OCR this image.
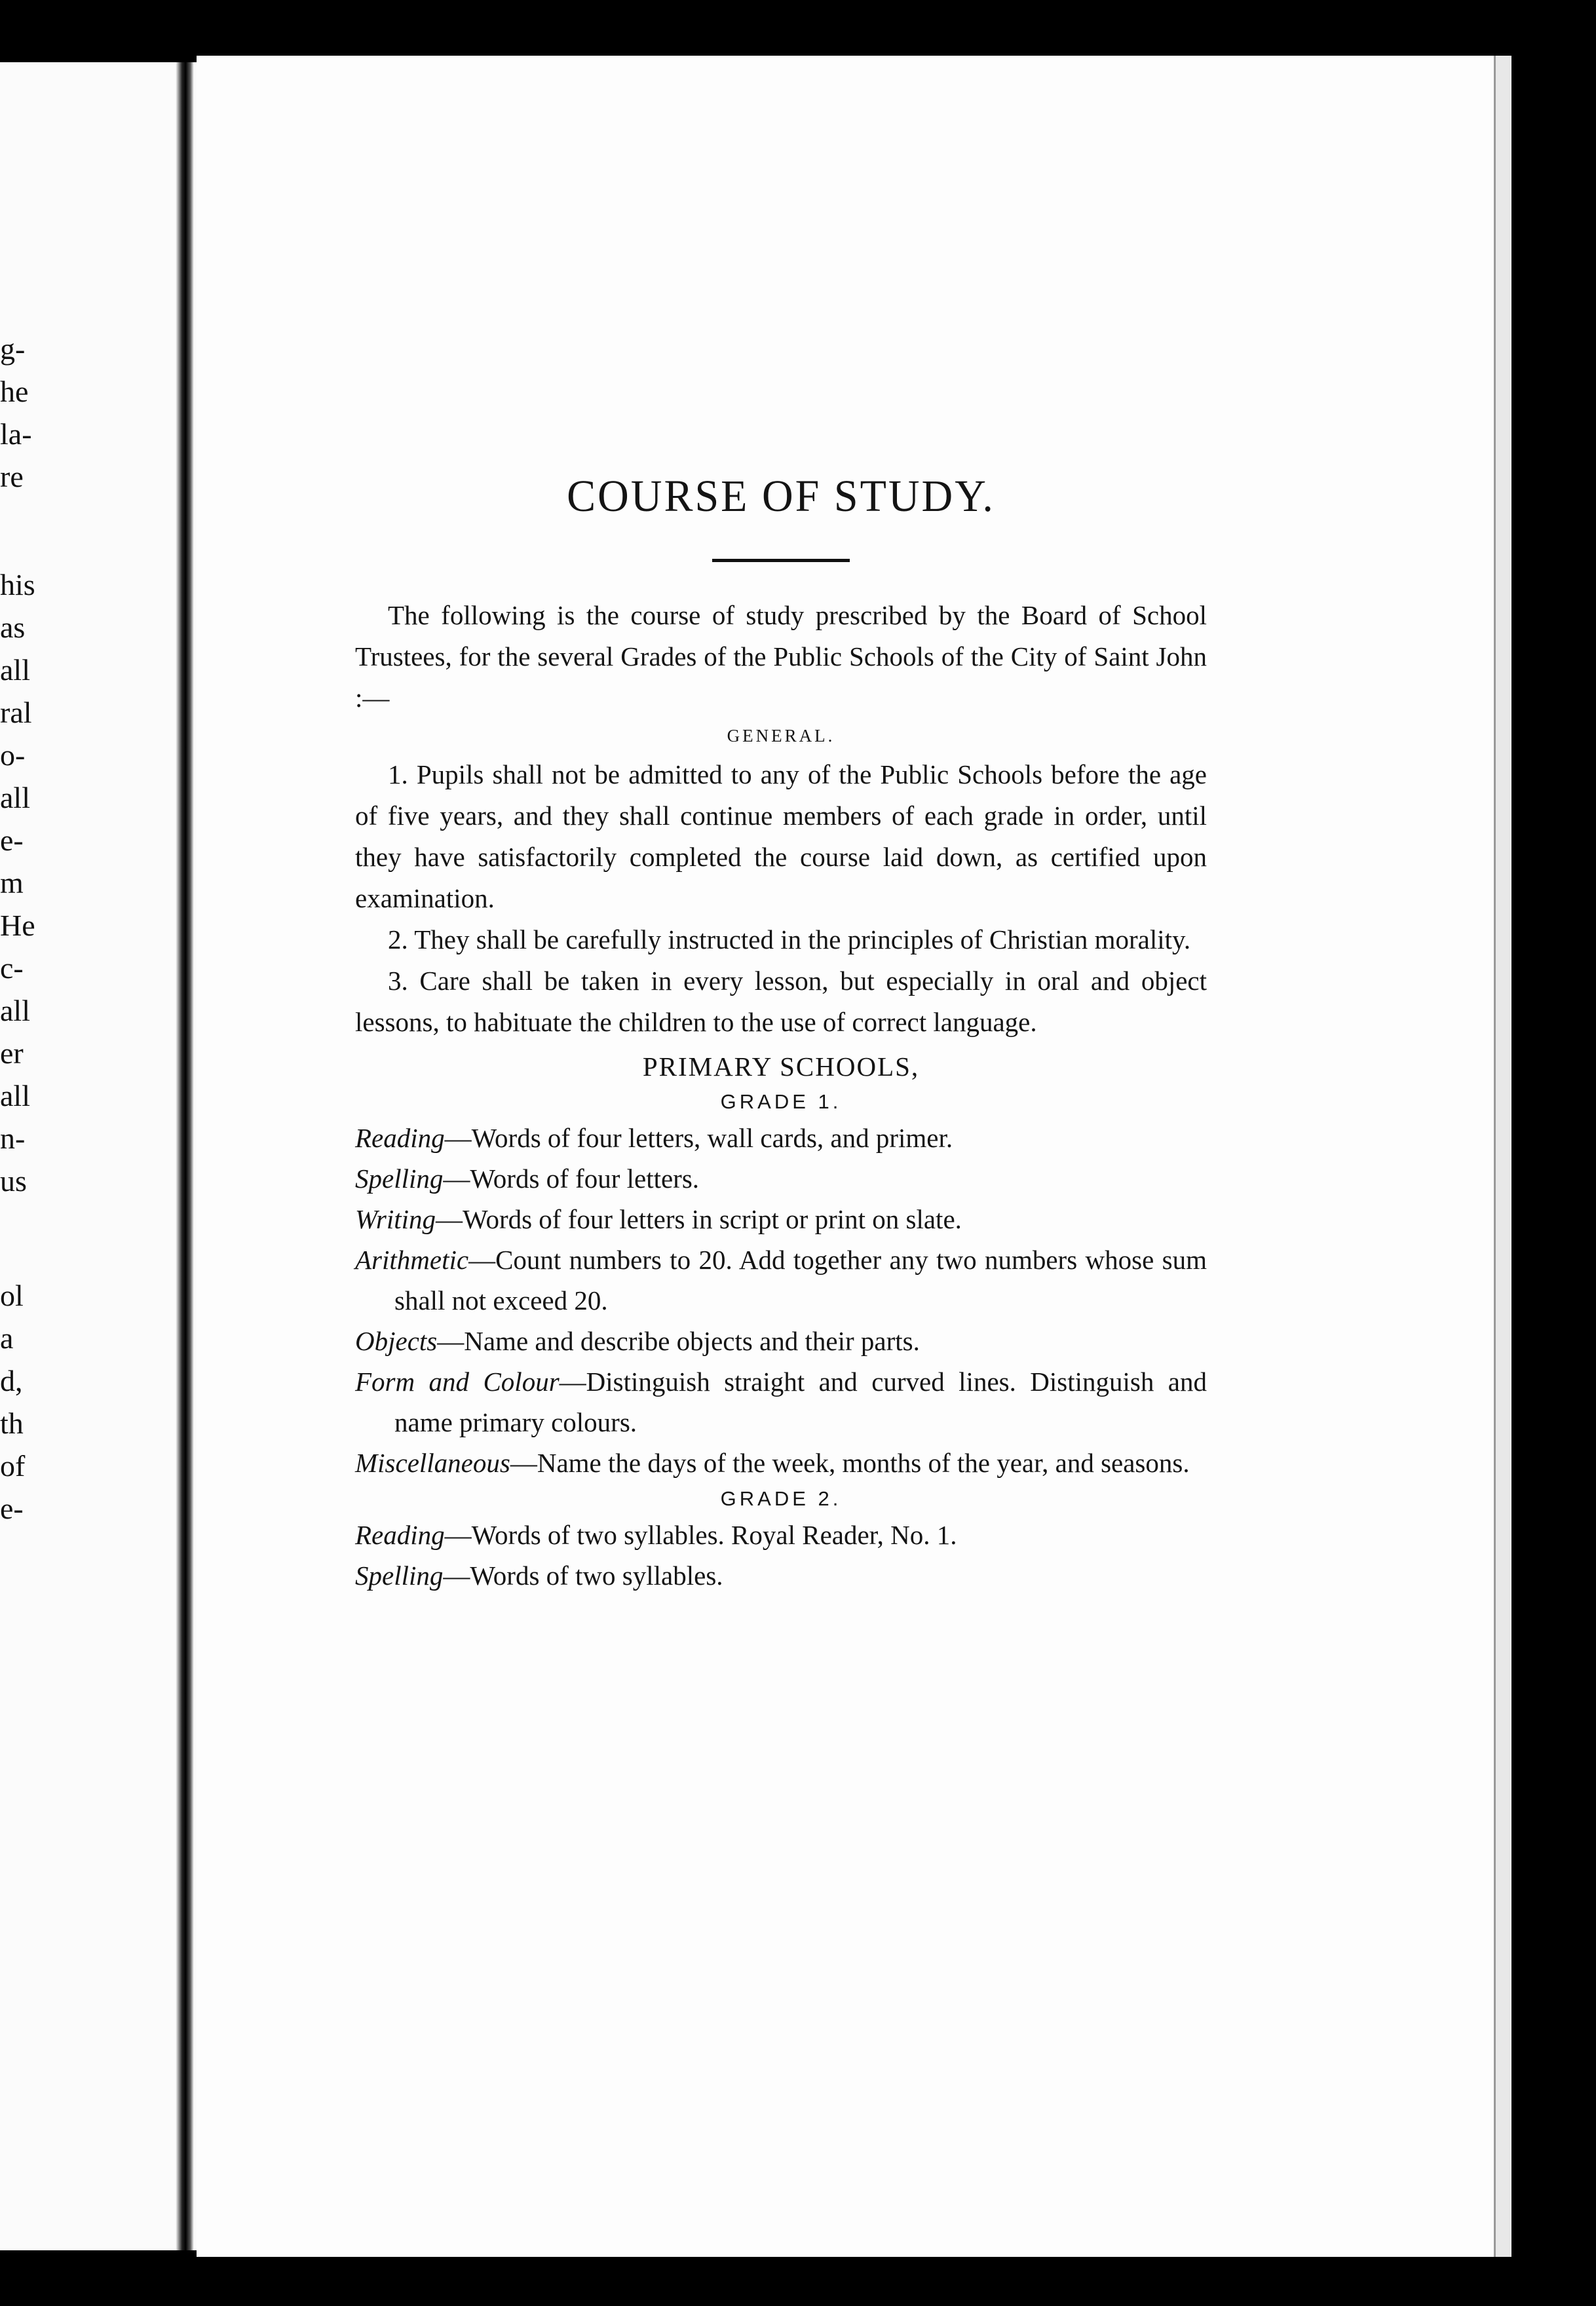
g-
he
la-
re
his
as
all
ral
o-
all
e-
m
He
c-
all
er
all
n-
us
ol
a
d,
th
of
e-
COURSE OF STUDY.

The following is the course of study prescribed by the Board of School Trustees, for the several Grades of the Public Schools of the City of Saint John :—

GENERAL.

1. Pupils shall not be admitted to any of the Public Schools before the age of five years, and they shall continue members of each grade in order, until they have satisfactorily completed the course laid down, as certified upon examination.

2. They shall be carefully instructed in the principles of Christian morality.

3. Care shall be taken in every lesson, but especially in oral and object lessons, to habituate the children to the use of correct language.

PRIMARY SCHOOLS,
GRADE 1.
Reading—Words of four letters, wall cards, and primer.
Spelling—Words of four letters.
Writing—Words of four letters in script or print on slate.
Arithmetic—Count numbers to 20. Add together any two numbers whose sum shall not exceed 20.
Objects—Name and describe objects and their parts.
Form and Colour—Distinguish straight and curved lines. Distinguish and name primary colours.
Miscellaneous—Name the days of the week, months of the year, and seasons.
GRADE 2.
Reading—Words of two syllables. Royal Reader, No. 1.
Spelling—Words of two syllables.
